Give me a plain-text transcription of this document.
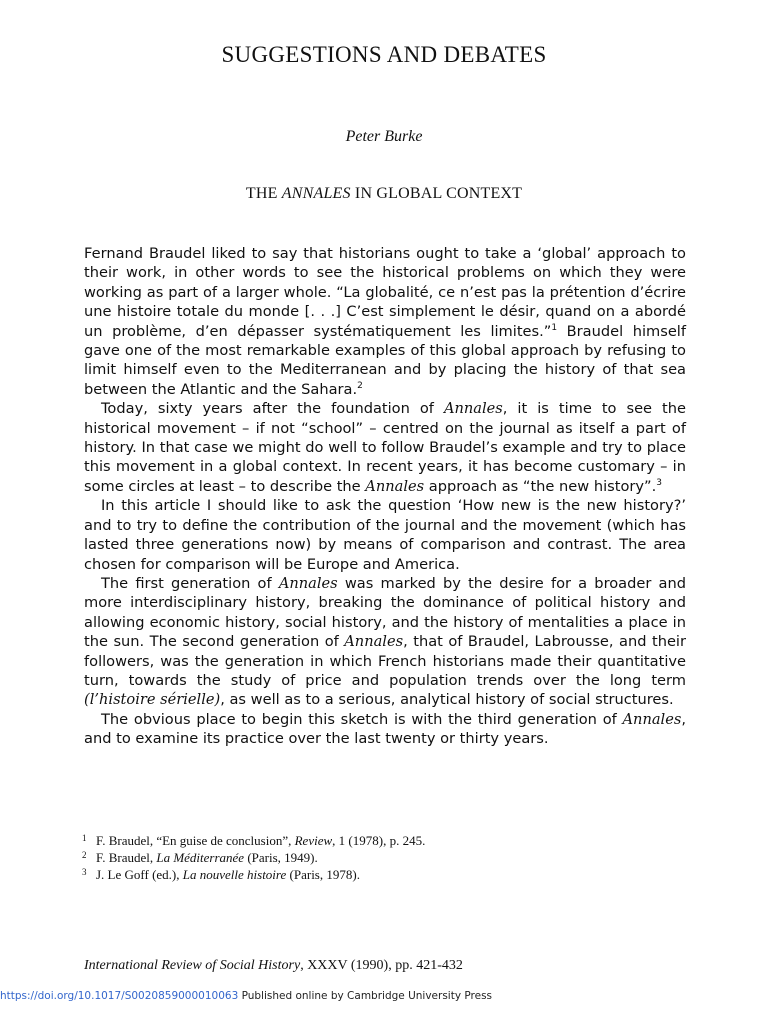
SUGGESTIONS AND DEBATES
Peter Burke
THE ANNALES IN GLOBAL CONTEXT

Fernand Braudel liked to say that historians ought to take a ‘global’ approach to their work, in other words to see the historical problems on which they were working as part of a larger whole. “La globalité, ce n’est pas la prétention d’écrire une histoire totale du monde [. . .] C’est simplement le désir, quand on a abordé un problème, d’en dépasser systématiquement les limites.”$^1$ Braudel himself gave one of the most remarkable examples of this global approach by refusing to limit himself even to the Mediterranean and by placing the history of that sea between the Atlantic and the Sahara.$^2$

Today, sixty years after the foundation of Annales, it is time to see the historical movement – if not “school” – centred on the journal as itself a part of history. In that case we might do well to follow Braudel’s example and try to place this movement in a global context. In recent years, it has become customary – in some circles at least – to describe the Annales approach as “the new history”.$^3$

In this article I should like to ask the question ‘How new is the new history?’ and to try to define the contribution of the journal and the movement (which has lasted three generations now) by means of comparison and contrast. The area chosen for comparison will be Europe and America.

The first generation of Annales was marked by the desire for a broader and more interdisciplinary history, breaking the dominance of political history and allowing economic history, social history, and the history of mentalities a place in the sun. The second generation of Annales, that of Braudel, Labrousse, and their followers, was the generation in which French historians made their quantitative turn, towards the study of price and population trends over the long term (l’histoire sérielle), as well as to a serious, analytical history of social structures.

The obvious place to begin this sketch is with the third generation of Annales, and to examine its practice over the last twenty or thirty years.

1 F. Braudel, “En guise de conclusion”, Review, 1 (1978), p. 245.
2 F. Braudel, La Méditerranée (Paris, 1949).
3 J. Le Goff (ed.), La nouvelle histoire (Paris, 1978).
International Review of Social History, XXXV (1990), pp. 421-432
https://doi.org/10.1017/S0020859000010063 Published online by Cambridge University Press
